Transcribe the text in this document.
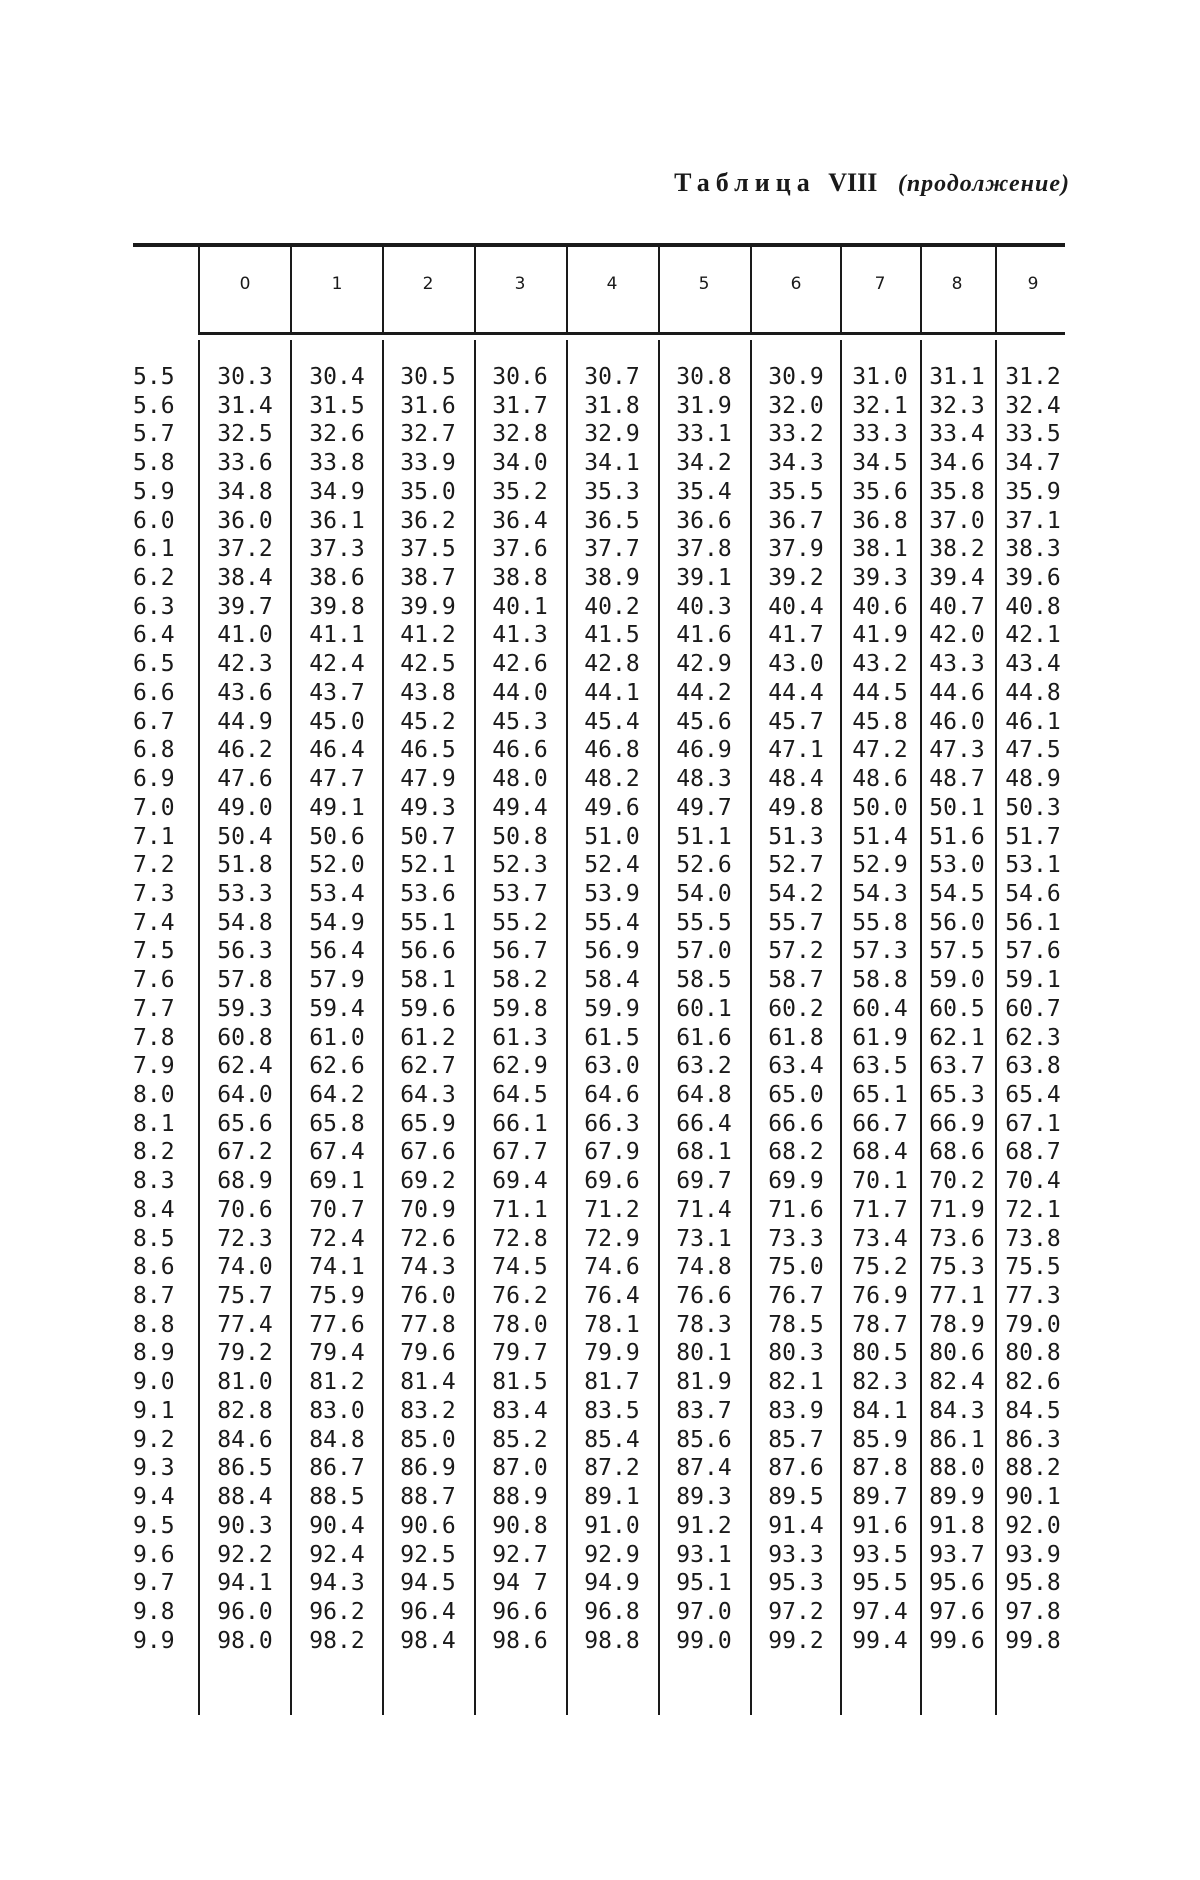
Таблица VIII (продолжение)
0	1	2	3	4	5	6	7	8	9
5.5	30.3	30.4	30.5	30.6	30.7	30.8	30.9	31.0 31.1 31.2
5.6	31.4	31.5	31.6	31.7	31.8	31.9	32.0	32.1 32.3 32.4
5.7	32.5	32.6	32.7	32.8	32.9	33.1	33.2	33.3 33.4 33.5
5.8	33.6	33.8	33.9	34.0	34.1	34.2	34.3	34.5 34.6 34.7
5.9	34.8	34.9	35.0	35.2	35.3	35.4	35.5	35.6 35.8 35.9
6.0	36.0	36.1	36.2	36.4	36.5	36.6	36.7	36.8 37.0 37.1
6.1	37.2	37.3	37.5	37.6	37.7	37.8	37.9	38.1 38.2 38.3
6.2	38.4	38.6	38.7	38.8	38.9	39.1	39.2	39.3 39.4 39.6
6.3	39.7	39.8	39.9	40.1	40.2	40.3	40.4	40.6 40.7 40.8
6.4	41.0	41.1	41.2	41.3	41.5	41.6	41.7	41.9 42.0 42.1
6.5	42.3	42.4	42.5	42.6	42.8	42.9	43.0	43.2 43.3 43.4
6.6	43.6	43.7	43.8	44.0	44.1	44.2	44.4	44.5 44.6 44.8
6.7	44.9	45.0	45.2	45.3	45.4	45.6	45.7	45.8 46.0 46.1
6.8	46.2	46.4	46.5	46.6	46.8	46.9	47.1	47.2 47.3 47.5
6.9	47.6	47.7	47.9	48.0	48.2	48.3	48.4	48.6 48.7 48.9
7.0	49.0	49.1	49.3	49.4	49.6	49.7	49.8	50.0 50.1 50.3
7.1	50.4	50.6	50.7	50.8	51.0	51.1	51.3	51.4 51.6 51.7
7.2	51.8	52.0	52.1	52.3	52.4	52.6	52.7	52.9 53.0 53.1
7.3	53.3	53.4	53.6	53.7	53.9	54.0	54.2	54.3 54.5 54.6
7.4	54.8	54.9	55.1	55.2	55.4	55.5	55.7	55.8 56.0 56.1
7.5	56.3	56.4	56.6	56.7	56.9	57.0	57.2	57.3 57.5 57.6
7.6	57.8	57.9	58.1	58.2	58.4	58.5	58.7	58.8 59.0 59.1
7.7	59.3	59.4	59.6	59.8	59.9	60.1	60.2	60.4 60.5 60.7
7.8	60.8	61.0	61.2	61.3	61.5	61.6	61.8	61.9 62.1 62.3
7.9	62.4	62.6	62.7	62.9	63.0	63.2	63.4	63.5 63.7 63.8
8.0	64.0	64.2	64.3	64.5	64.6	64.8	65.0	65.1 65.3 65.4
8.1	65.6	65.8	65.9	66.1	66.3	66.4	66.6	66.7 66.9 67.1
8.2	67.2	67.4	67.6	67.7	67.9	68.1	68.2	68.4 68.6 68.7
8.3	68.9	69.1	69.2	69.4	69.6	69.7	69.9	70.1 70.2 70.4
8.4	70.6	70.7	70.9	71.1	71.2	71.4	71.6	71.7 71.9 72.1
8.5	72.3	72.4	72.6	72.8	72.9	73.1	73.3	73.4 73.6 73.8
8.6	74.0	74.1	74.3	74.5	74.6	74.8	75.0	75.2 75.3 75.5
8.7	75.7	75.9	76.0	76.2	76.4	76.6	76.7	76.9 77.1 77.3
8.8	77.4	77.6	77.8	78.0	78.1	78.3	78.5	78.7 78.9 79.0
8.9	79.2	79.4	79.6	79.7	79.9	80.1	80.3	80.5 80.6 80.8
9.0	81.0	81.2	81.4	81.5	81.7	81.9	82.1	82.3 82.4 82.6
9.1	82.8	83.0	83.2	83.4	83.5	83.7	83.9	84.1 84.3 84.5
9.2	84.6	84.8	85.0	85.2	85.4	85.6	85.7	85.9 86.1 86.3
9.3	86.5	86.7	86.9	87.0	87.2	87.4	87.6	87.8 88.0 88.2
9.4	88.4	88.5	88.7	88.9	89.1	89.3	89.5	89.7 89.9 90.1
9.5	90.3	90.4	90.6	90.8	91.0	91.2	91.4	91.6 91.8 92.0
9.6	92.2	92.4	92.5	92.7	92.9	93.1	93.3	93.5 93.7 93.9
9.7	94.1	94.3	94.5	94 7	94.9	95.1	95.3	95.5 95.6 95.8
9.8	96.0	96.2	96.4	96.6	96.8	97.0	97.2	97.4 97.6 97.8
9.9	98.0	98.2	98.4	98.6	98.8	99.0	99.2	99.4 99.6 99.8
